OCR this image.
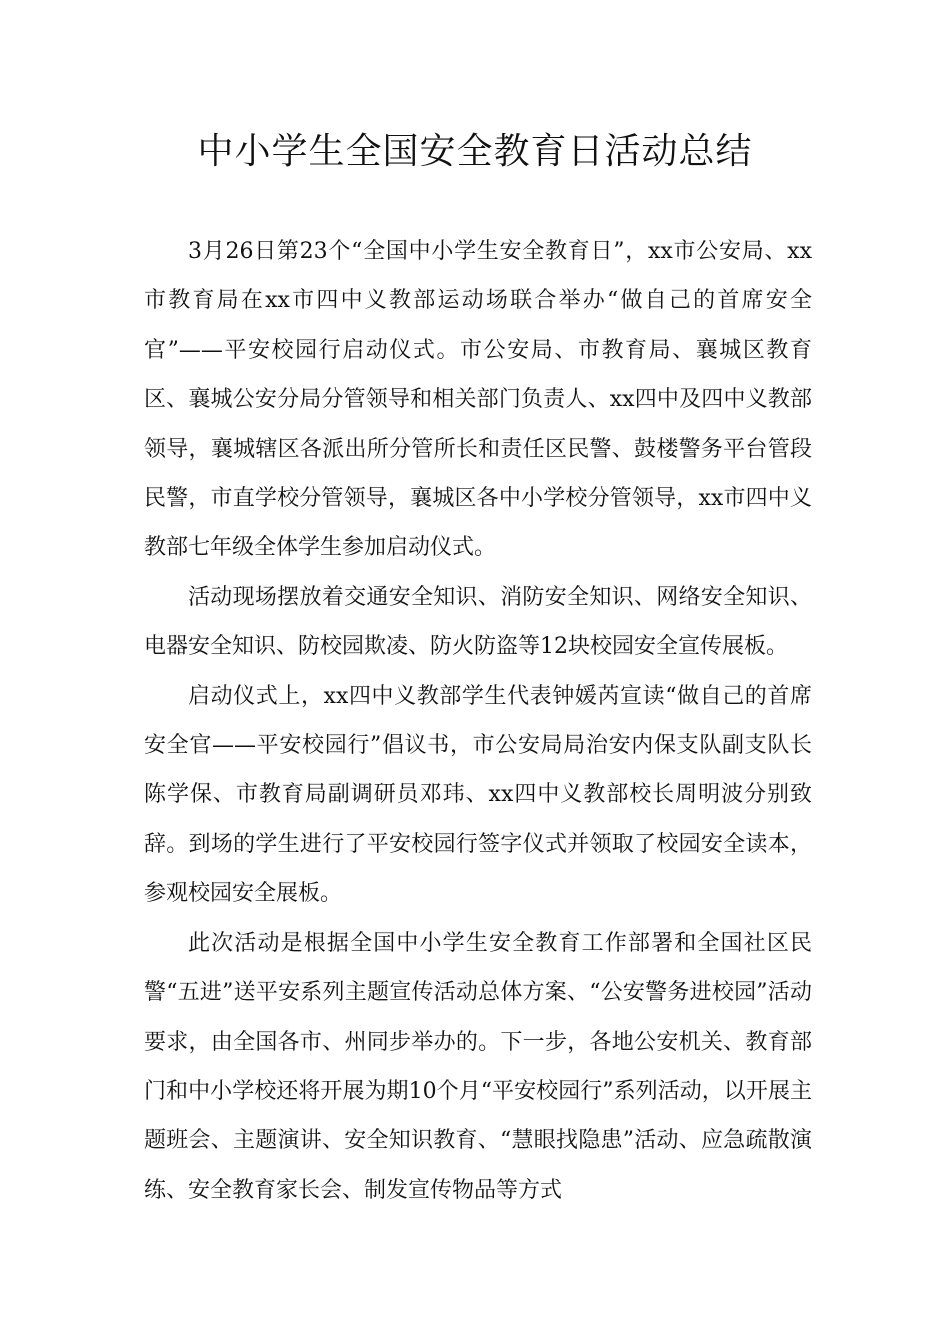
中小学生全国安全教育日活动总结

3月26日第23个“全国中小学生安全教育日”，xx市公安局、xx市教育局在xx市四中义教部运动场联合举办“做自己的首席安全官”——平安校园行启动仪式。市公安局、市教育局、襄城区教育区、襄城公安分局分管领导和相关部门负责人、xx四中及四中义教部领导，襄城辖区各派出所分管所长和责任区民警、鼓楼警务平台管段民警，市直学校分管领导，襄城区各中小学校分管领导，xx市四中义教部七年级全体学生参加启动仪式。

活动现场摆放着交通安全知识、消防安全知识、网络安全知识、电器安全知识、防校园欺凌、防火防盗等12块校园安全宣传展板。

启动仪式上，xx四中义教部学生代表钟媛芮宣读“做自己的首席安全官——平安校园行”倡议书，市公安局局治安内保支队副支队长陈学保、市教育局副调研员邓玮、xx四中义教部校长周明波分别致辞。到场的学生进行了平安校园行签字仪式并领取了校园安全读本，参观校园安全展板。

此次活动是根据全国中小学生安全教育工作部署和全国社区民警“五进”送平安系列主题宣传活动总体方案、“公安警务进校园”活动要求，由全国各市、州同步举办的。下一步，各地公安机关、教育部门和中小学校还将开展为期10个月“平安校园行”系列活动，以开展主题班会、主题演讲、安全知识教育、“慧眼找隐患”活动、应急疏散演练、安全教育家长会、制发宣传物品等方式
